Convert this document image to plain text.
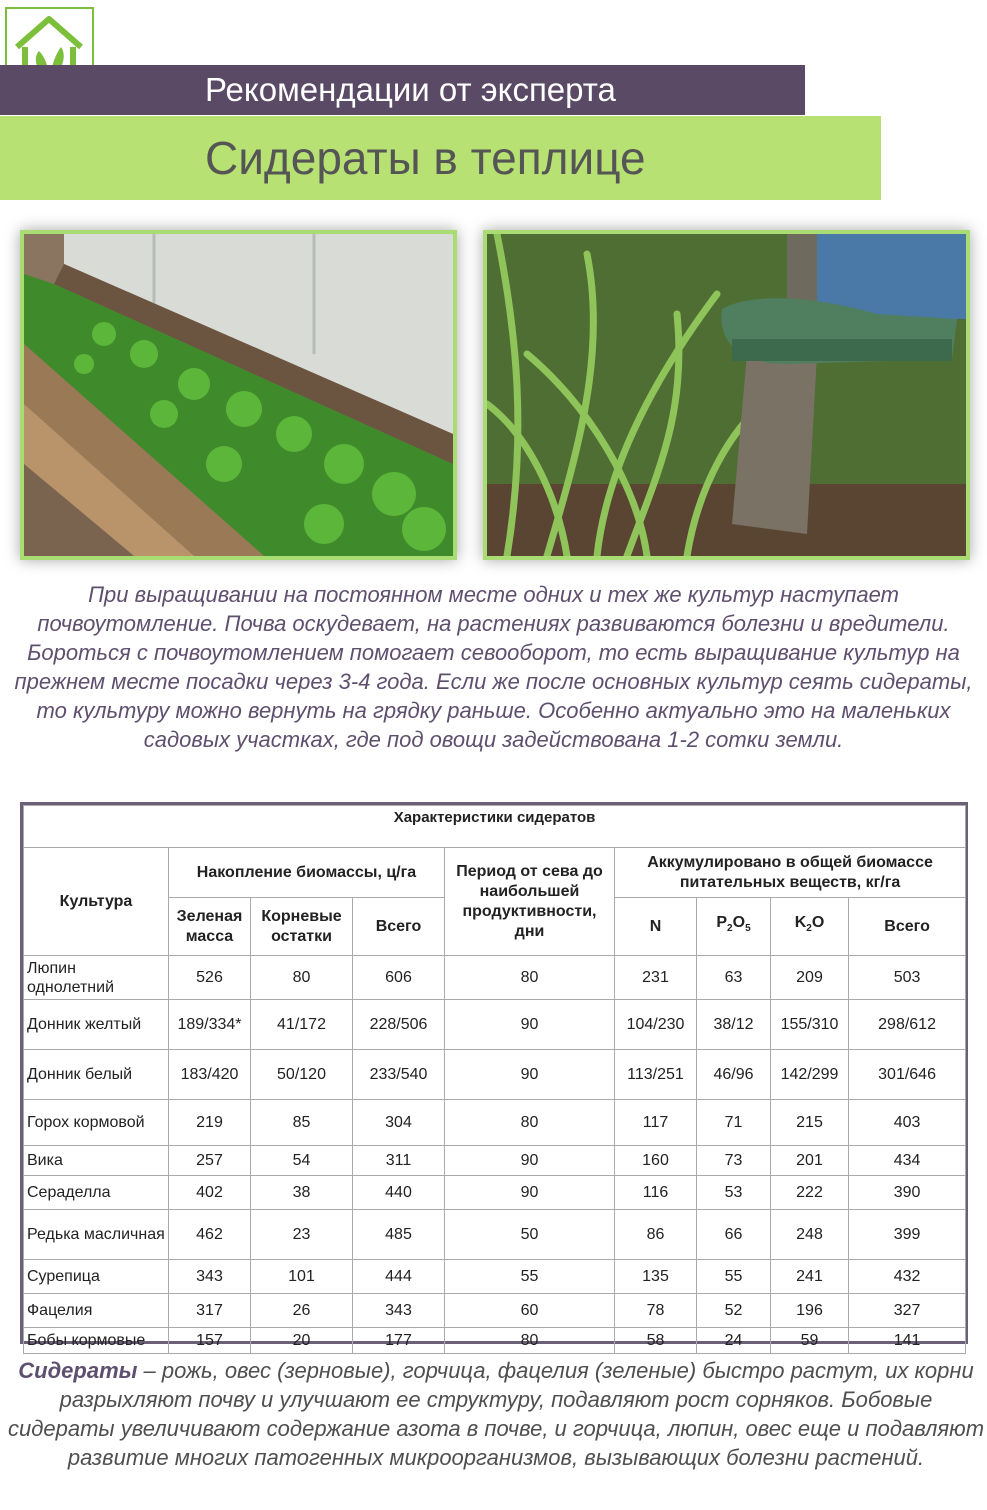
Рекомендации от эксперта
Сидераты в теплице

При выращивании на постоянном месте одних и тех же культур наступает почвоутомление. Почва оскудевает, на растениях развиваются болезни и вредители. Бороться с почвоутомлением помогает севооборот, то есть выращивание культур на прежнем месте посадки через 3-4 года. Если же после основных культур сеять сидераты, то культуру можно вернуть на грядку раньше. Особенно актуально это на маленьких садовых участках, где под овощи задействована 1-2 сотки земли.

Характеристики сидератов								
Культура	Накопление биомассы, ц/га			Период от сева до наибольшей продуктивности, дни	Аккумулировано в общей биомассе питательных веществ, кг/га			
	Зеленая масса	Корневые остатки	Всего		N	$P_2O_5$	$K_2O$	Всего
Люпин однолетний	526	80	606	80	231	63	209	503
Донник желтый	189/334*	41/172	228/506	90	104/230	38/12	155/310	298/612
Донник белый	183/420	50/120	233/540	90	113/251	46/96	142/299	301/646
Горох кормовой	219	85	304	80	117	71	215	403
Вика	257	54	311	90	160	73	201	434
Сераделла	402	38	440	90	116	53	222	390
Редька масличная	462	23	485	50	86	66	248	399
Сурепица	343	101	444	55	135	55	241	432
Фацелия	317	26	343	60	78	52	196	327
Бобы кормовые	157	20	177	80	58	24	59	141

Сидераты – рожь, овес (зерновые), горчица, фацелия (зеленые) быстро растут, их корни разрыхляют почву и улучшают ее структуру, подавляют рост сорняков. Бобовые сидераты увеличивают содержание азота в почве, и горчица, люпин, овес еще и подавляют развитие многих патогенных микроорганизмов, вызывающих болезни растений.
